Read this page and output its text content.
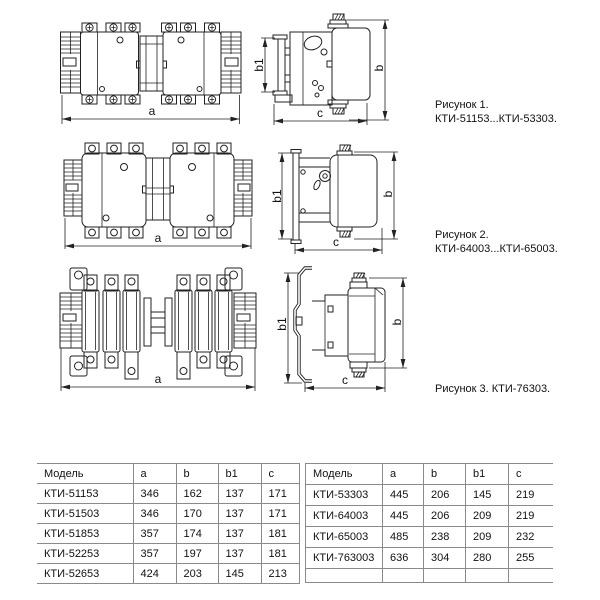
a
b1	b
c
a
b1	b
c
a
b1	b
c
Рисунок 1.
КТИ-51153...КТИ-53303.
Рисунок 2.
КТИ-64003...КТИ-65003.
Рисунок 3. КТИ-76303.
Модель	a	b	b1	c
КТИ-51153	346	162	137	171
КТИ-51503	346	170	137	171
КТИ-51853	357	174	137	181
КТИ-52253	357	197	137	181
КТИ-52653	424	203	145	213
Модель	a	b	b1	c
КТИ-53303	445	206	145	219
КТИ-64003	445	206	209	219
КТИ-65003	485	238	209	232
КТИ-763003	636	304	280	255
